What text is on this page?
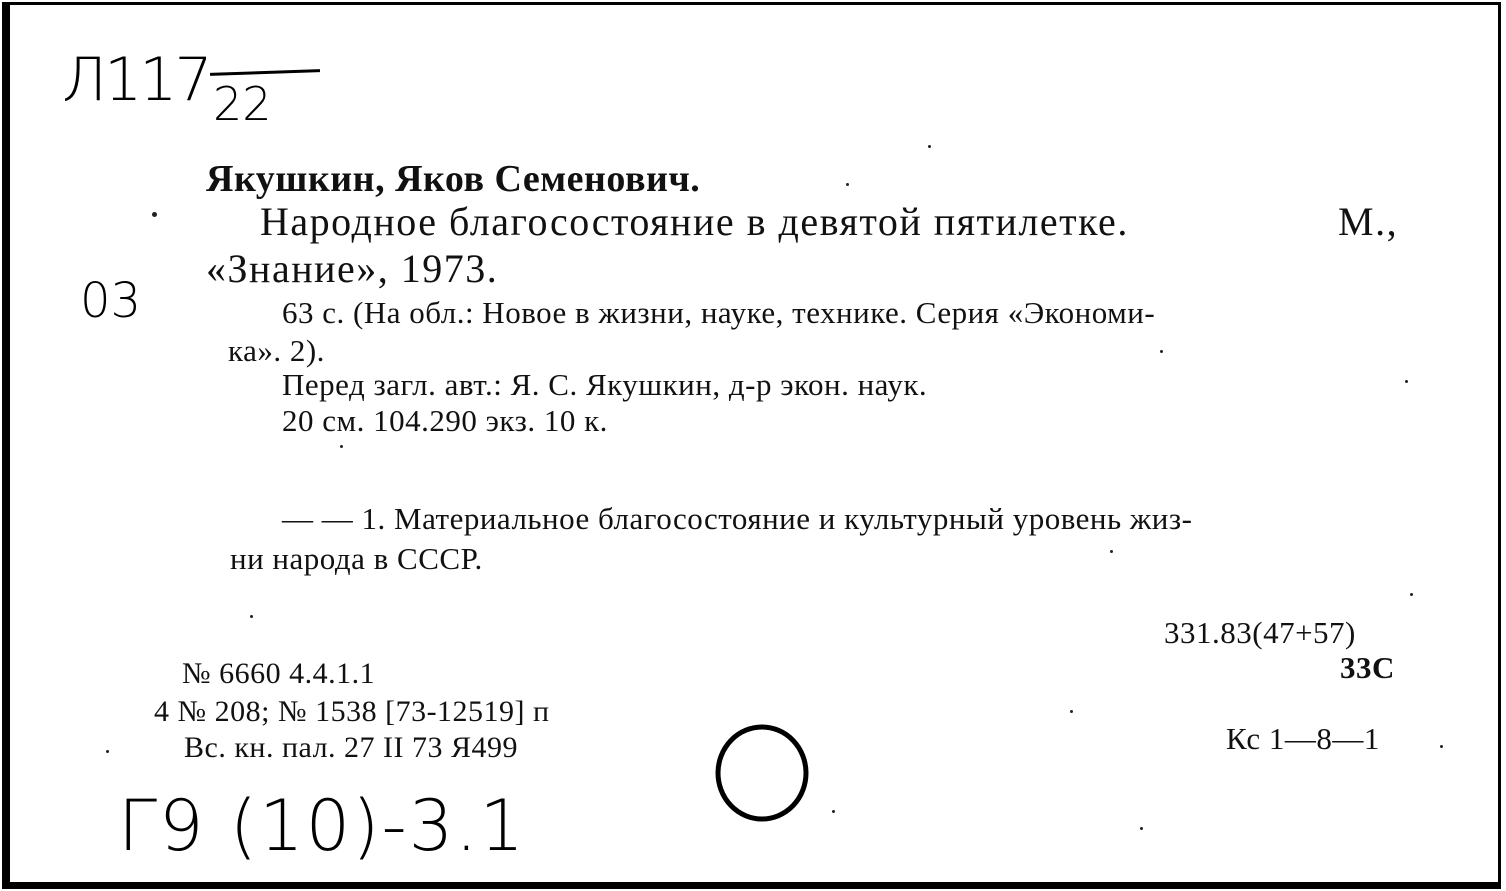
Л117 22
03
Якушкин, Яков Семенович.
Народное благосостояние в девятой пятилетке.	М.,
«Знание», 1973.
63 с. (На обл.: Новое в жизни, науке, технике. Серия «Экономи-
ка». 2).
Перед загл. авт.: Я. С. Якушкин, д-р экон. наук.
20 см. 104.290 экз. 10 к.
— — 1. Материальное благосостояние и культурный уровень жиз-
ни народа в СССР.
331.83(47+57)
33С
Кс 1—8—1
№ 6660 4.4.1.1
4 № 208; № 1538 [73-12519] п
Вс. кн. пал. 27 II 73 Я499
Г9 (10)-3.1
